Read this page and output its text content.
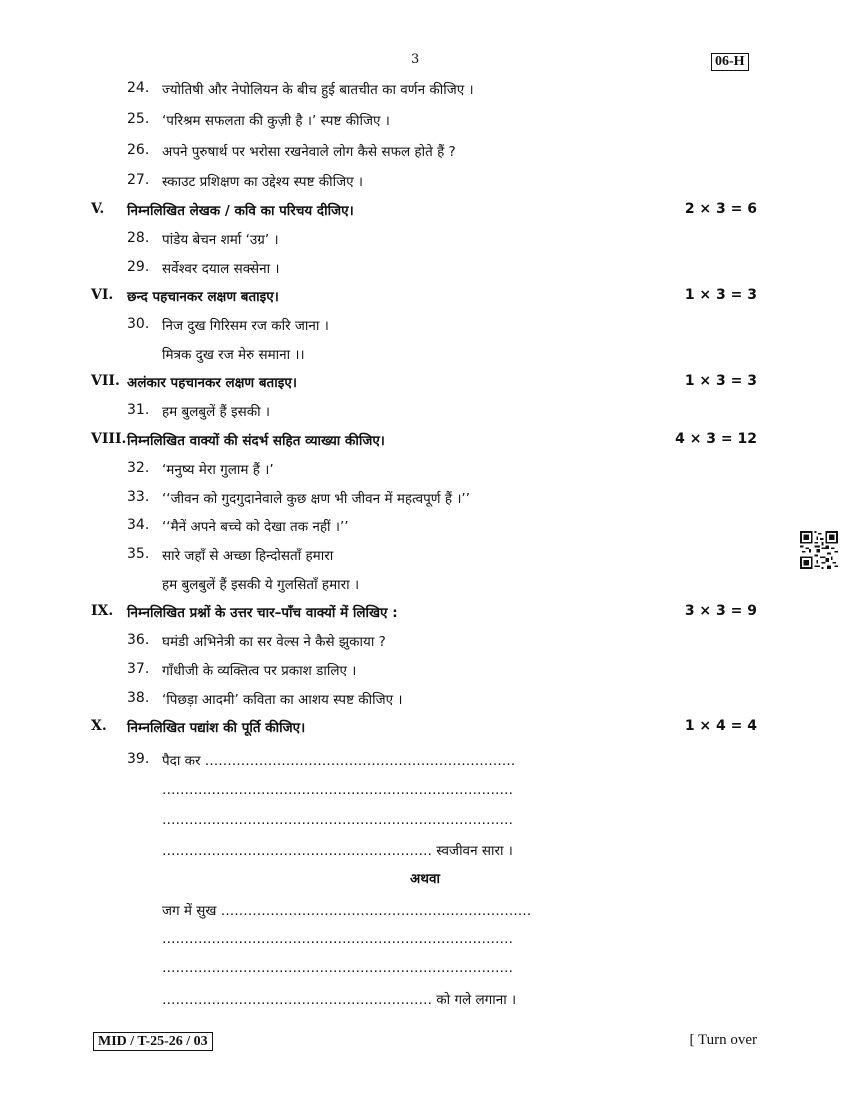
3	06-H
24. ज्योतिषी और नेपोलियन के बीच हुई बातचीत का वर्णन कीजिए ।
25. ‘परिश्रम सफलता की कुज़ी है ।’ स्पष्ट कीजिए ।
26. अपने पुरुषार्थ पर भरोसा रखनेवाले लोग कैसे सफल होते हैं ?
27. स्काउट प्रशिक्षण का उद्देश्य स्पष्ट कीजिए ।
V. निम्नलिखित लेखक / कवि का परिचय दीजिए।	2 × 3 = 6
28. पांडेय बेचन शर्मा ‘उग्र’ ।
29. सर्वेश्वर दयाल सक्सेना ।
VI. छन्द पहचानकर लक्षण बताइए।	1 × 3 = 3
30. निज दुख गिरिसम रज करि जाना ।
मित्रक दुख रज मेरु समाना ।।
VII. अलंकार पहचानकर लक्षण बताइए।	1 × 3 = 3
31. हम बुलबुलें हैं इसकी ।
VIII. निम्नलिखित वाक्यों की संदर्भ सहित व्याख्या कीजिए।	4 × 3 = 12
32. ‘मनुष्य मेरा गुलाम हैं ।’
33. ‘‘जीवन को गुदगुदानेवाले कुछ क्षण भी जीवन में महत्वपूर्ण हैं ।’’
34. ‘‘मैनें अपने बच्चे को देखा तक नहीं ।’’
35. सारे जहाँ से अच्छा हिन्दोसताँ हमारा
हम बुलबुलें हैं इसकी ये गुलसिताँ हमारा ।
IX. निम्नलिखित प्रश्नों के उत्तर चार–पाँच वाक्यों में लिखिए :	3 × 3 = 9
36. घमंडी अभिनेत्री का सर वेल्स ने कैसे झुकाया ?
37. गाँधीजी के व्यक्तित्व पर प्रकाश डालिए ।
38. ‘पिछड़ा आदमी’ कविता का आशय स्पष्ट कीजिए ।
X. निम्नलिखित पद्यांश की पूर्ति कीजिए।	1 × 4 = 4
39. पैदा कर ……………………………………………………………
……………………………………………………………………
……………………………………………………………………
…………………………………………………… स्वजीवन सारा ।
अथवा
जग में सुख ……………………………………………………………
……………………………………………………………………
……………………………………………………………………
…………………………………………………… को गले लगाना ।
MID / T-25-26 / 03	[ Turn over
